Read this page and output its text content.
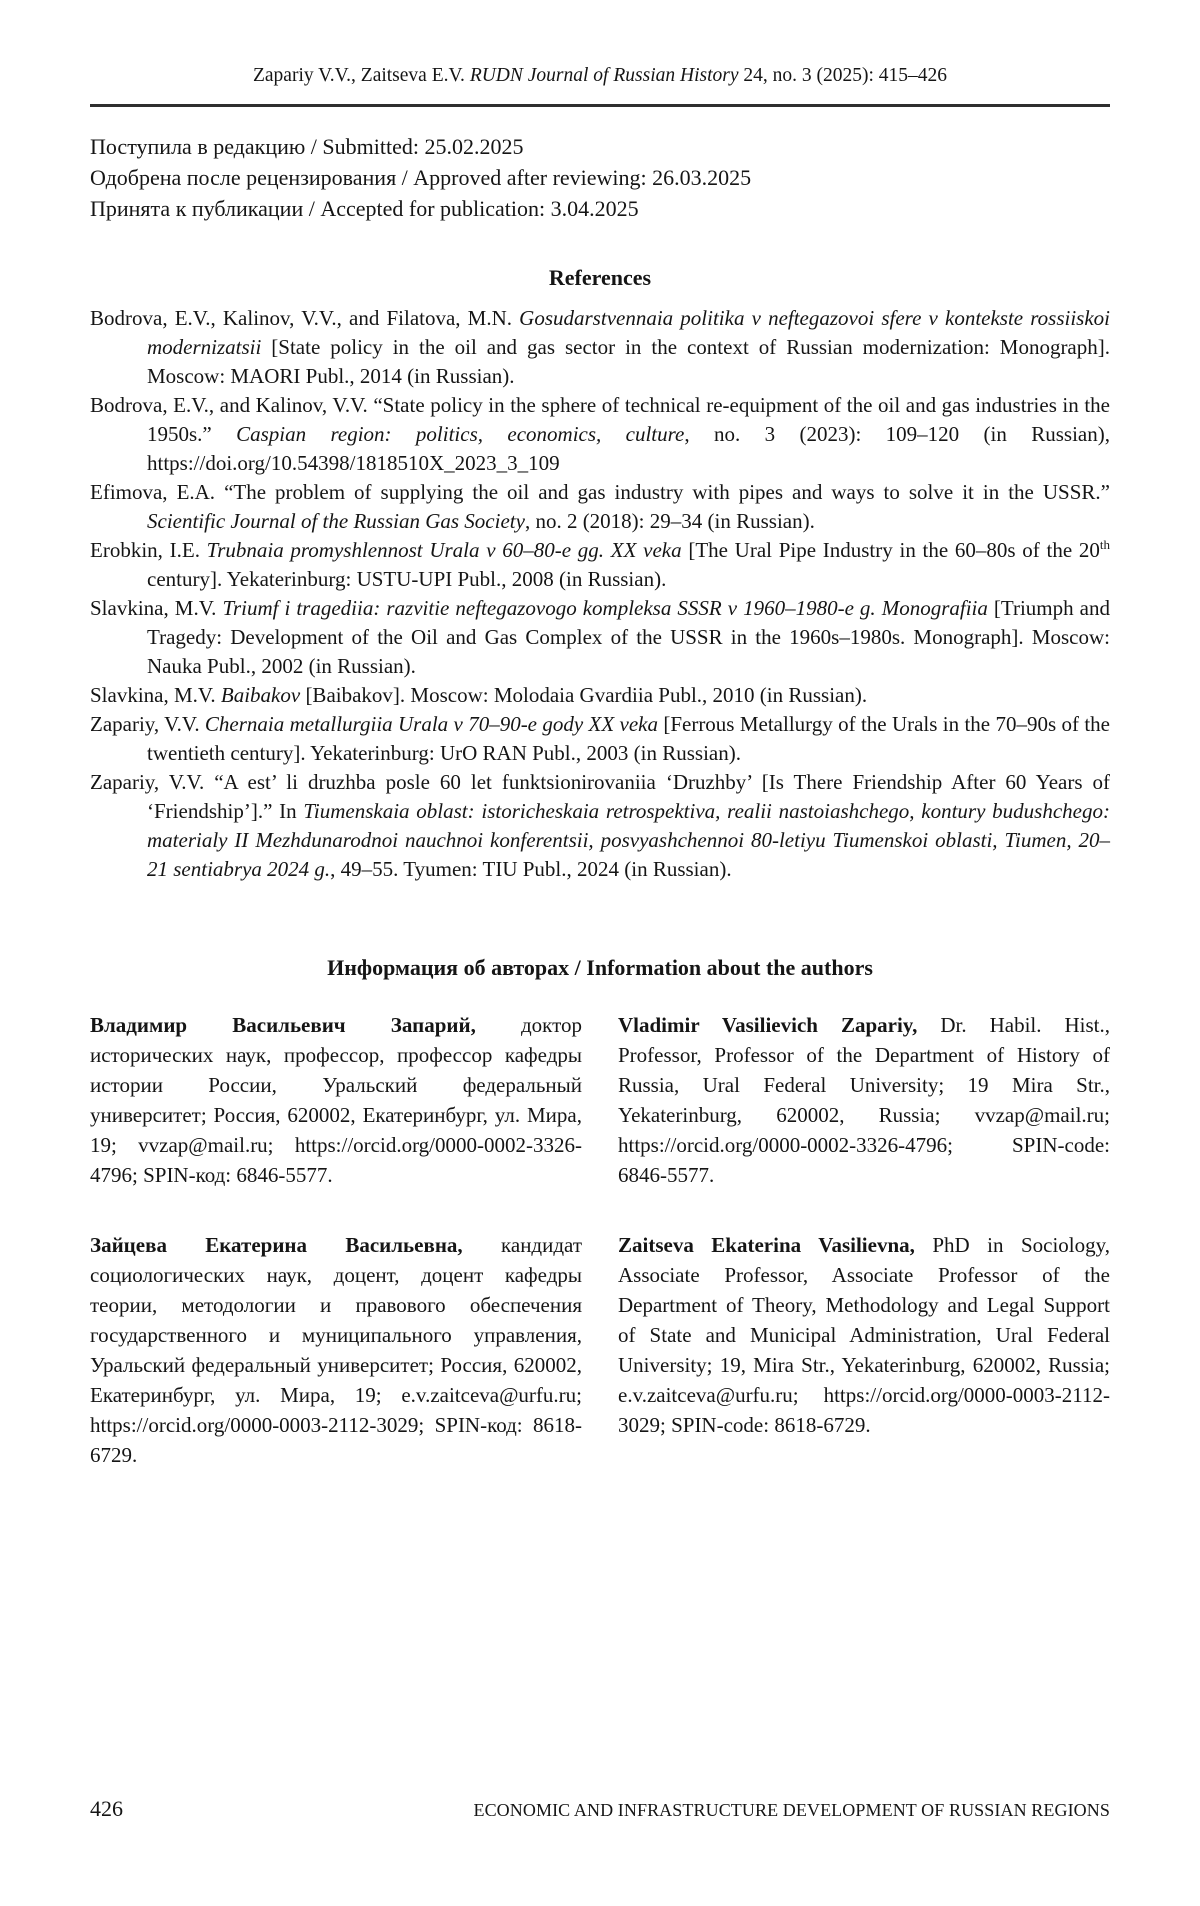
Zapariy V.V., Zaitseva E.V. RUDN Journal of Russian History 24, no. 3 (2025): 415–426

Поступила в редакцию / Submitted: 25.02.2025

Одобрена после рецензирования / Approved after reviewing: 26.03.2025

Принята к публикации / Accepted for publication: 3.04.2025

References

Bodrova, E.V., Kalinov, V.V., and Filatova, M.N. Gosudarstvennaia politika v neftegazovoi sfere v kontekste rossiiskoi modernizatsii [State policy in the oil and gas sector in the context of Russian modernization: Monograph]. Moscow: MAORI Publ., 2014 (in Russian).

Bodrova, E.V., and Kalinov, V.V. “State policy in the sphere of technical re-equipment of the oil and gas industries in the 1950s.” Caspian region: politics, economics, culture, no. 3 (2023): 109–120 (in Russian), https://doi.org/10.54398/1818510X_2023_3_109

Efimova, E.A. “The problem of supplying the oil and gas industry with pipes and ways to solve it in the USSR.” Scientific Journal of the Russian Gas Society, no. 2 (2018): 29–34 (in Russian).

Erobkin, I.E. Trubnaia promyshlennost Urala v 60–80-e gg. XX veka [The Ural Pipe Industry in the 60–80s of the 20th century]. Yekaterinburg: USTU-UPI Publ., 2008 (in Russian).

Slavkina, M.V. Triumf i tragediia: razvitie neftegazovogo kompleksa SSSR v 1960–1980-e g. Monografiia [Triumph and Tragedy: Development of the Oil and Gas Complex of the USSR in the 1960s–1980s. Monograph]. Moscow: Nauka Publ., 2002 (in Russian).

Slavkina, M.V. Baibakov [Baibakov]. Moscow: Molodaia Gvardiia Publ., 2010 (in Russian).

Zapariy, V.V. Chernaia metallurgiia Urala v 70–90-e gody XX veka [Ferrous Metallurgy of the Urals in the 70–90s of the twentieth century]. Yekaterinburg: UrO RAN Publ., 2003 (in Russian).

Zapariy, V.V. “A est’ li druzhba posle 60 let funktsionirovaniia ‘Druzhby’ [Is There Friendship After 60 Years of ‘Friendship’].” In Tiumenskaia oblast: istoricheskaia retrospektiva, realii nastoiashchego, kontury budushchego: materialy II Mezhdunarodnoi nauchnoi konferentsii, posvyashchennoi 80-letiyu Tiumenskoi oblasti, Tiumen, 20–21 sentiabrya 2024 g., 49–55. Tyumen: TIU Publ., 2024 (in Russian).

Информация об авторах / Information about the authors

Владимир Васильевич Запарий, доктор исторических наук, профессор, профессор кафедры истории России, Уральский федеральный университет; Россия, 620002, Екатеринбург, ул. Мира, 19; vvzap@mail.ru; https://orcid.org/0000-0002-3326-4796; SPIN-код: 6846-5577.

Vladimir Vasilievich Zapariy, Dr. Habil. Hist., Professor, Professor of the Department of History of Russia, Ural Federal University; 19 Mira Str., Yekaterinburg, 620002, Russia; vvzap@mail.ru; https://orcid.org/0000-0002-3326-4796; SPIN-code: 6846-5577.

Зайцева Екатерина Васильевна, кандидат социологических наук, доцент, доцент кафедры теории, методологии и правового обеспечения государственного и муниципального управления, Уральский федеральный университет; Россия, 620002, Екатеринбург, ул. Мира, 19; e.v.zaitceva@urfu.ru; https://orcid.org/0000-0003-2112-3029; SPIN-код: 8618-6729.

Zaitseva Ekaterina Vasilievna, PhD in Sociology, Associate Professor, Associate Professor of the Department of Theory, Methodology and Legal Support of State and Municipal Administration, Ural Federal University; 19, Mira Str., Yekaterinburg, 620002, Russia; e.v.zaitceva@urfu.ru; https://orcid.org/0000-0003-2112-3029; SPIN-code: 8618-6729.

426	ECONOMIC AND INFRASTRUCTURE DEVELOPMENT OF RUSSIAN REGIONS
